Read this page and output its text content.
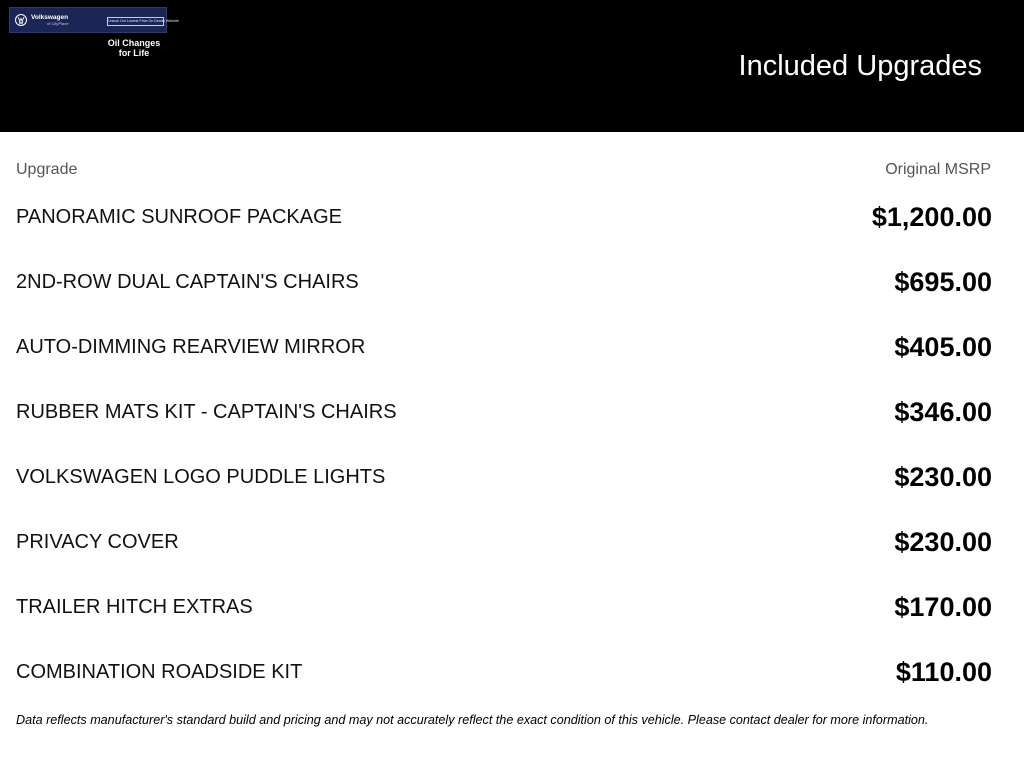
Volkswagen
of CityPlace	Unlock Our Lowest Price On Dealer Website
Oil Changes
for Life	Included Upgrades
Upgrade	Original MSRP
PANORAMIC SUNROOF PACKAGE	$1,200.00
2ND-ROW DUAL CAPTAIN'S CHAIRS	$695.00
AUTO-DIMMING REARVIEW MIRROR	$405.00
RUBBER MATS KIT - CAPTAIN'S CHAIRS	$346.00
VOLKSWAGEN LOGO PUDDLE LIGHTS	$230.00
PRIVACY COVER	$230.00
TRAILER HITCH EXTRAS	$170.00
COMBINATION ROADSIDE KIT	$110.00
Data reflects manufacturer's standard build and pricing and may not accurately reflect the exact condition of this vehicle. Please contact dealer for more information.
